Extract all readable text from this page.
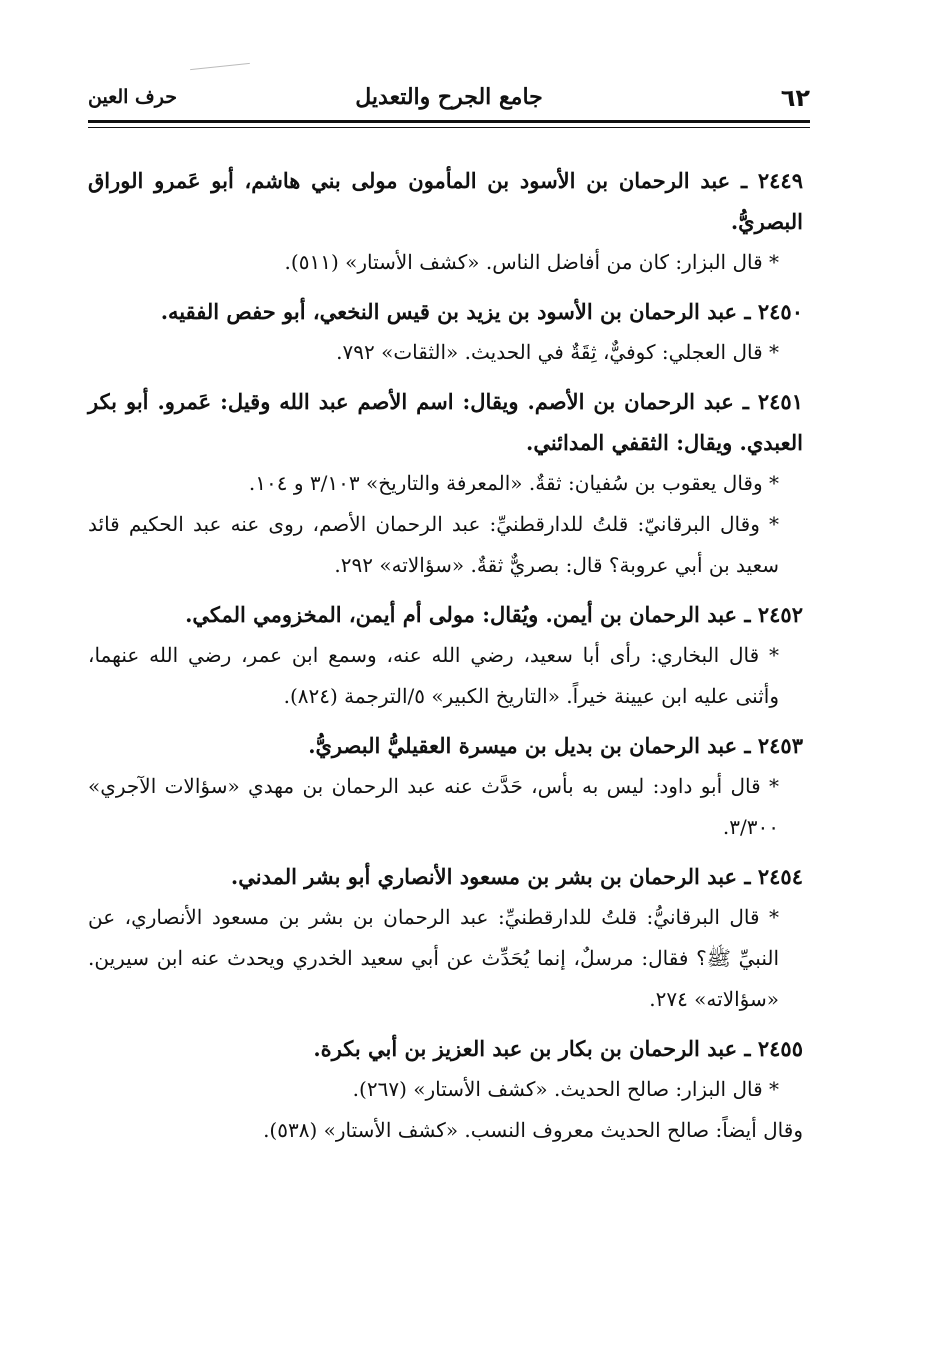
٦٢
جامع الجرح والتعديل
حرف العين

٢٤٤٩ ـ عبد الرحمان بن الأسود بن المأمون مولى بني هاشم، أبو عَمرو الوراق البصريُّ.

* قال البزار: كان من أفاضل الناس. «كشف الأستار» (٥١١).

٢٤٥٠ ـ عبد الرحمان بن الأسود بن يزيد بن قيس النخعي، أبو حفص الفقيه.

* قال العجلي: كوفيٌّ، ثِقَةٌ في الحديث. «الثقات» ٧٩٢.

٢٤٥١ ـ عبد الرحمان بن الأصم. ويقال: اسم الأصم عبد الله وقيل: عَمرو. أبو بكر العبدي. ويقال: الثقفي المدائني.

* وقال يعقوب بن سُفيان: ثقةٌ. «المعرفة والتاريخ» ٣/١٠٣ و ١٠٤.

* وقال البرقانيّ: قلتُ للدارقطنيِّ: عبد الرحمان الأصم، روى عنه عبد الحكيم قائد سعيد بن أبي عروبة؟ قال: بصريٌّ ثقةٌ. «سؤالاته» ٢٩٢.

٢٤٥٢ ـ عبد الرحمان بن أيمن. ويُقال: مولى أم أيمن، المخزومي المكي.

* قال البخاري: رأى أبا سعيد، رضي الله عنه، وسمع ابن عمر، رضي الله عنهما، وأثنى عليه ابن عيينة خيراً. «التاريخ الكبير» ٥/الترجمة (٨٢٤).

٢٤٥٣ ـ عبد الرحمان بن بديل بن ميسرة العقيليُّ البصريُّ.

* قال أبو داود: ليس به بأس، حَدَّث عنه عبد الرحمان بن مهدي «سؤالات الآجري» ٣/٣٠٠.

٢٤٥٤ ـ عبد الرحمان بن بشر بن مسعود الأنصاري أبو بشر المدني.

* قال البرقانيُّ: قلتُ للدارقطنيِّ: عبد الرحمان بن بشر بن مسعود الأنصاري، عن النبيِّ ﷺ؟ فقال: مرسلٌ، إنما يُحَدِّث عن أبي سعيد الخدري ويحدث عنه ابن سيرين. «سؤالاته» ٢٧٤.

٢٤٥٥ ـ عبد الرحمان بن بكار بن عبد العزيز بن أبي بكرة.

* قال البزار: صالح الحديث. «كشف الأستار» (٢٦٧).

وقال أيضاً: صالح الحديث معروف النسب. «كشف الأستار» (٥٣٨).
